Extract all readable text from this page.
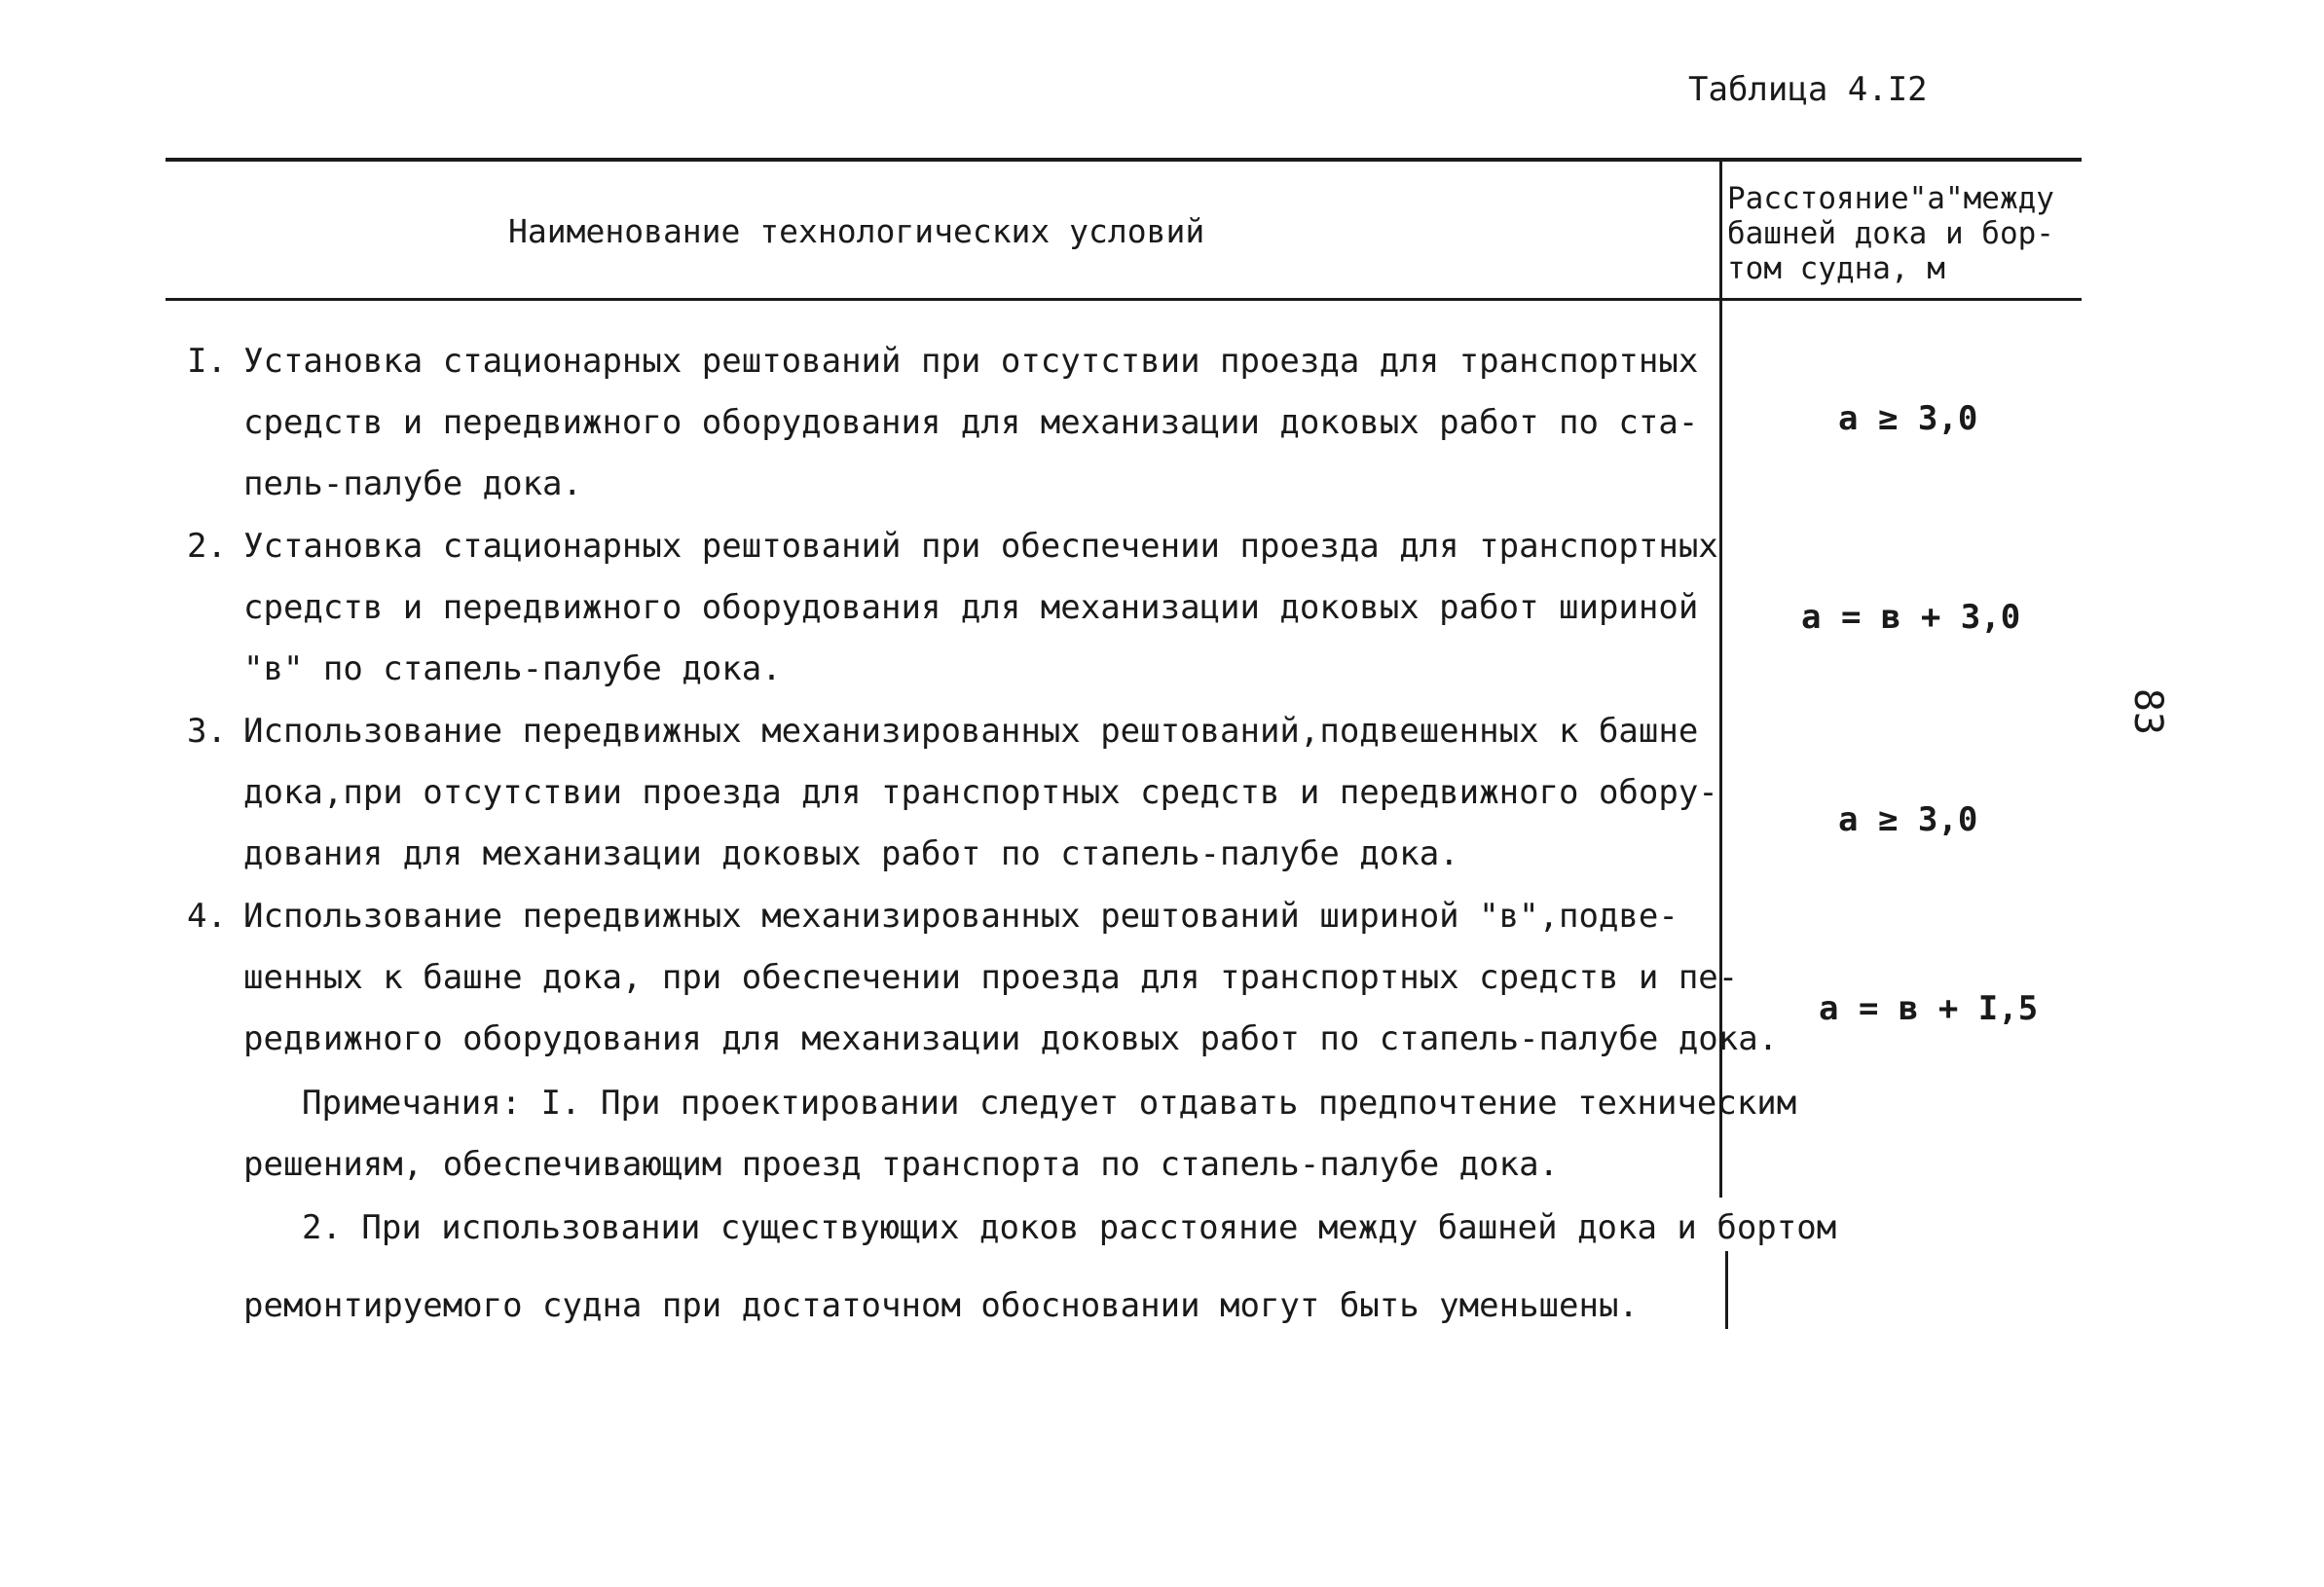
Таблица 4.I2
Наименование технологических условий
Расстояние"а"между
башней дока и бор-
том судна, м
I. Установка стационарных рештований при отсутствии проезда для транспортных
средств и передвижного оборудования для механизации доковых работ по ста-
пель-палубе дока.
а ≥ 3,0
2. Установка стационарных рештований при обеспечении проезда для транспортных
средств и передвижного оборудования для механизации доковых работ шириной
"в" по стапель-палубе дока.
а = в + 3,0
3. Использование передвижных механизированных рештований,подвешенных к башне
дока,при отсутствии проезда для транспортных средств и передвижного обору-
дования для механизации доковых работ по стапель-палубе дока.
а ≥ 3,0
4. Использование передвижных механизированных рештований шириной "в",подве-
шенных к башне дока, при обеспечении проезда для транспортных средств и пе-
редвижного оборудования для механизации доковых работ по стапель-палубе дока.
а = в + I,5
Примечания: I. При проектировании следует отдавать предпочтение техническим
решениям, обеспечивающим проезд транспорта по стапель-палубе дока.
2. При использовании существующих доков расстояние между башней дока и бортом
ремонтируемого судна при достаточном обосновании могут быть уменьшены.
83
